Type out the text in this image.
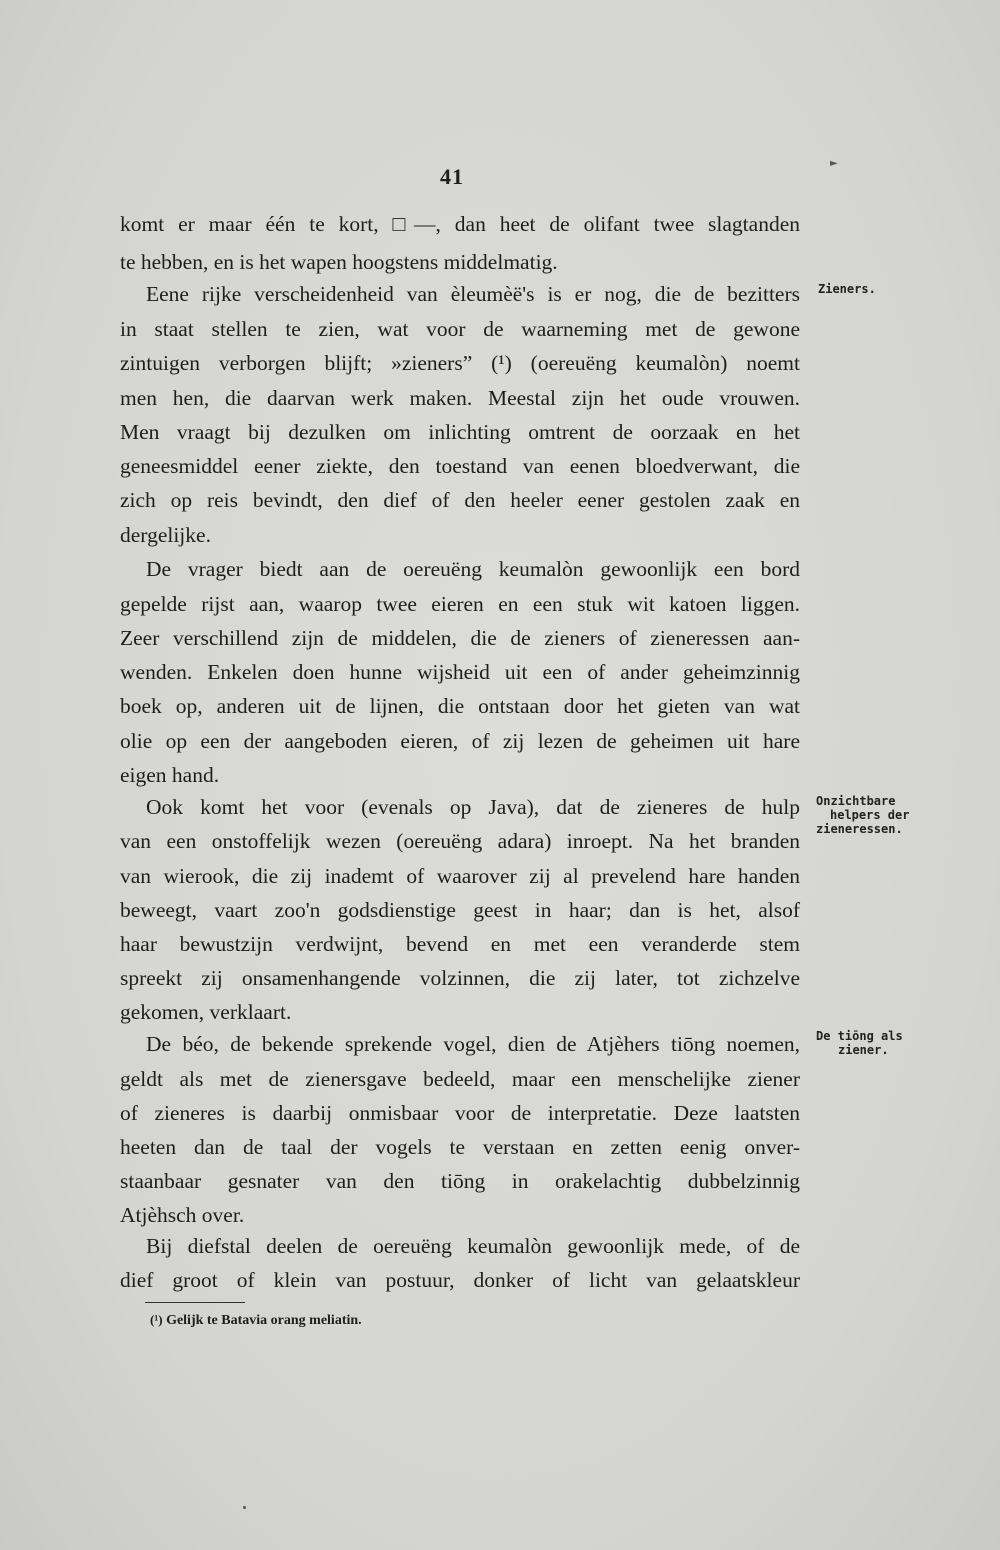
►
41
komt er maar één te kort, □—, dan heet de olifant twee slagtanden
te hebben, en is het wapen hoogstens middelmatig.
Eene rijke verscheidenheid van èleumèë's is er nog, die de bezitters
in staat stellen te zien, wat voor de waarneming met de gewone
zintuigen verborgen blijft; »zieners” (¹) (oereuëng keumalòn) noemt
men hen, die daarvan werk maken. Meestal zijn het oude vrouwen.
Men vraagt bij dezulken om inlichting omtrent de oorzaak en het
geneesmiddel eener ziekte, den toestand van eenen bloedverwant, die
zich op reis bevindt, den dief of den heeler eener gestolen zaak en
dergelijke.
De vrager biedt aan de oereuëng keumalòn gewoonlijk een bord
gepelde rijst aan, waarop twee eieren en een stuk wit katoen liggen.
Zeer verschillend zijn de middelen, die de zieners of zieneressen aan-
wenden. Enkelen doen hunne wijsheid uit een of ander geheimzinnig
boek op, anderen uit de lijnen, die ontstaan door het gieten van wat
olie op een der aangeboden eieren, of zij lezen de geheimen uit hare
eigen hand.
Ook komt het voor (evenals op Java), dat de zieneres de hulp
van een onstoffelijk wezen (oereuëng adara) inroept. Na het branden
van wierook, die zij inademt of waarover zij al prevelend hare handen
beweegt, vaart zoo'n godsdienstige geest in haar; dan is het, alsof
haar bewustzijn verdwijnt, bevend en met een veranderde stem
spreekt zij onsamenhangende volzinnen, die zij later, tot zichzelve
gekomen, verklaart.
De béo, de bekende sprekende vogel, dien de Atjèhers tiōng noemen,
geldt als met de zienersgave bedeeld, maar een menschelijke ziener
of zieneres is daarbij onmisbaar voor de interpretatie. Deze laatsten
heeten dan de taal der vogels te verstaan en zetten eenig onver-
staanbaar gesnater van den tiōng in orakelachtig dubbelzinnig
Atjèhsch over.
Bij diefstal deelen de oereuëng keumalòn gewoonlijk mede, of de
dief groot of klein van postuur, donker of licht van gelaatskleur
Zieners.
Onzichtbare
helpers der
zieneressen.
De tiōng als
ziener.
(¹) Gelijk te Batavia orang meliatin.
